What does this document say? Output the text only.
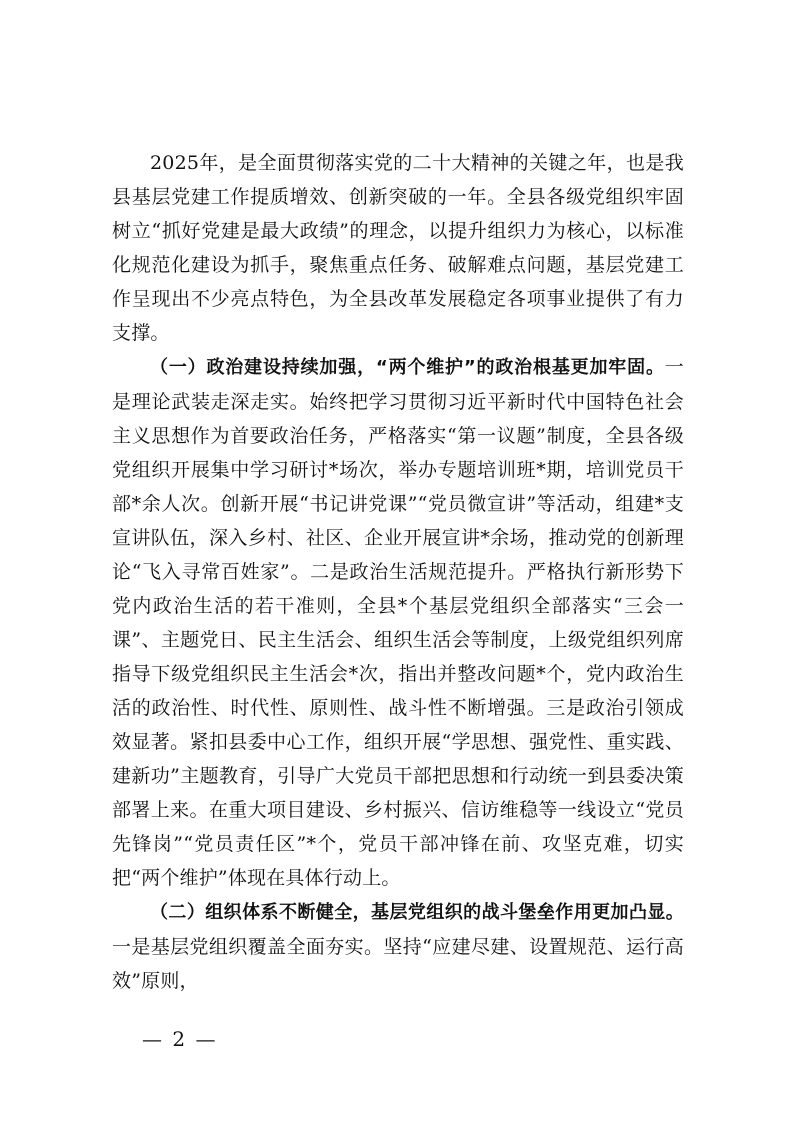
2025年，是全面贯彻落实党的二十大精神的关键之年，也是我县基层党建工作提质增效、创新突破的一年。全县各级党组织牢固树立“抓好党建是最大政绩”的理念，以提升组织力为核心，以标准化规范化建设为抓手，聚焦重点任务、破解难点问题，基层党建工作呈现出不少亮点特色，为全县改革发展稳定各项事业提供了有力支撑。

（一）政治建设持续加强，“两个维护”的政治根基更加牢固。一是理论武装走深走实。始终把学习贯彻习近平新时代中国特色社会主义思想作为首要政治任务，严格落实“第一议题”制度，全县各级党组织开展集中学习研讨*场次，举办专题培训班*期，培训党员干部*余人次。创新开展“书记讲党课”“党员微宣讲”等活动，组建*支宣讲队伍，深入乡村、社区、企业开展宣讲*余场，推动党的创新理论“飞入寻常百姓家”。二是政治生活规范提升。严格执行新形势下党内政治生活的若干准则，全县*个基层党组织全部落实“三会一课”、主题党日、民主生活会、组织生活会等制度，上级党组织列席指导下级党组织民主生活会*次，指出并整改问题*个，党内政治生活的政治性、时代性、原则性、战斗性不断增强。三是政治引领成效显著。紧扣县委中心工作，组织开展“学思想、强党性、重实践、建新功”主题教育，引导广大党员干部把思想和行动统一到县委决策部署上来。在重大项目建设、乡村振兴、信访维稳等一线设立“党员先锋岗”“党员责任区”*个，党员干部冲锋在前、攻坚克难，切实把“两个维护”体现在具体行动上。

（二）组织体系不断健全，基层党组织的战斗堡垒作用更加凸显。一是基层党组织覆盖全面夯实。坚持“应建尽建、设置规范、运行高效”原则，

— 2 —
